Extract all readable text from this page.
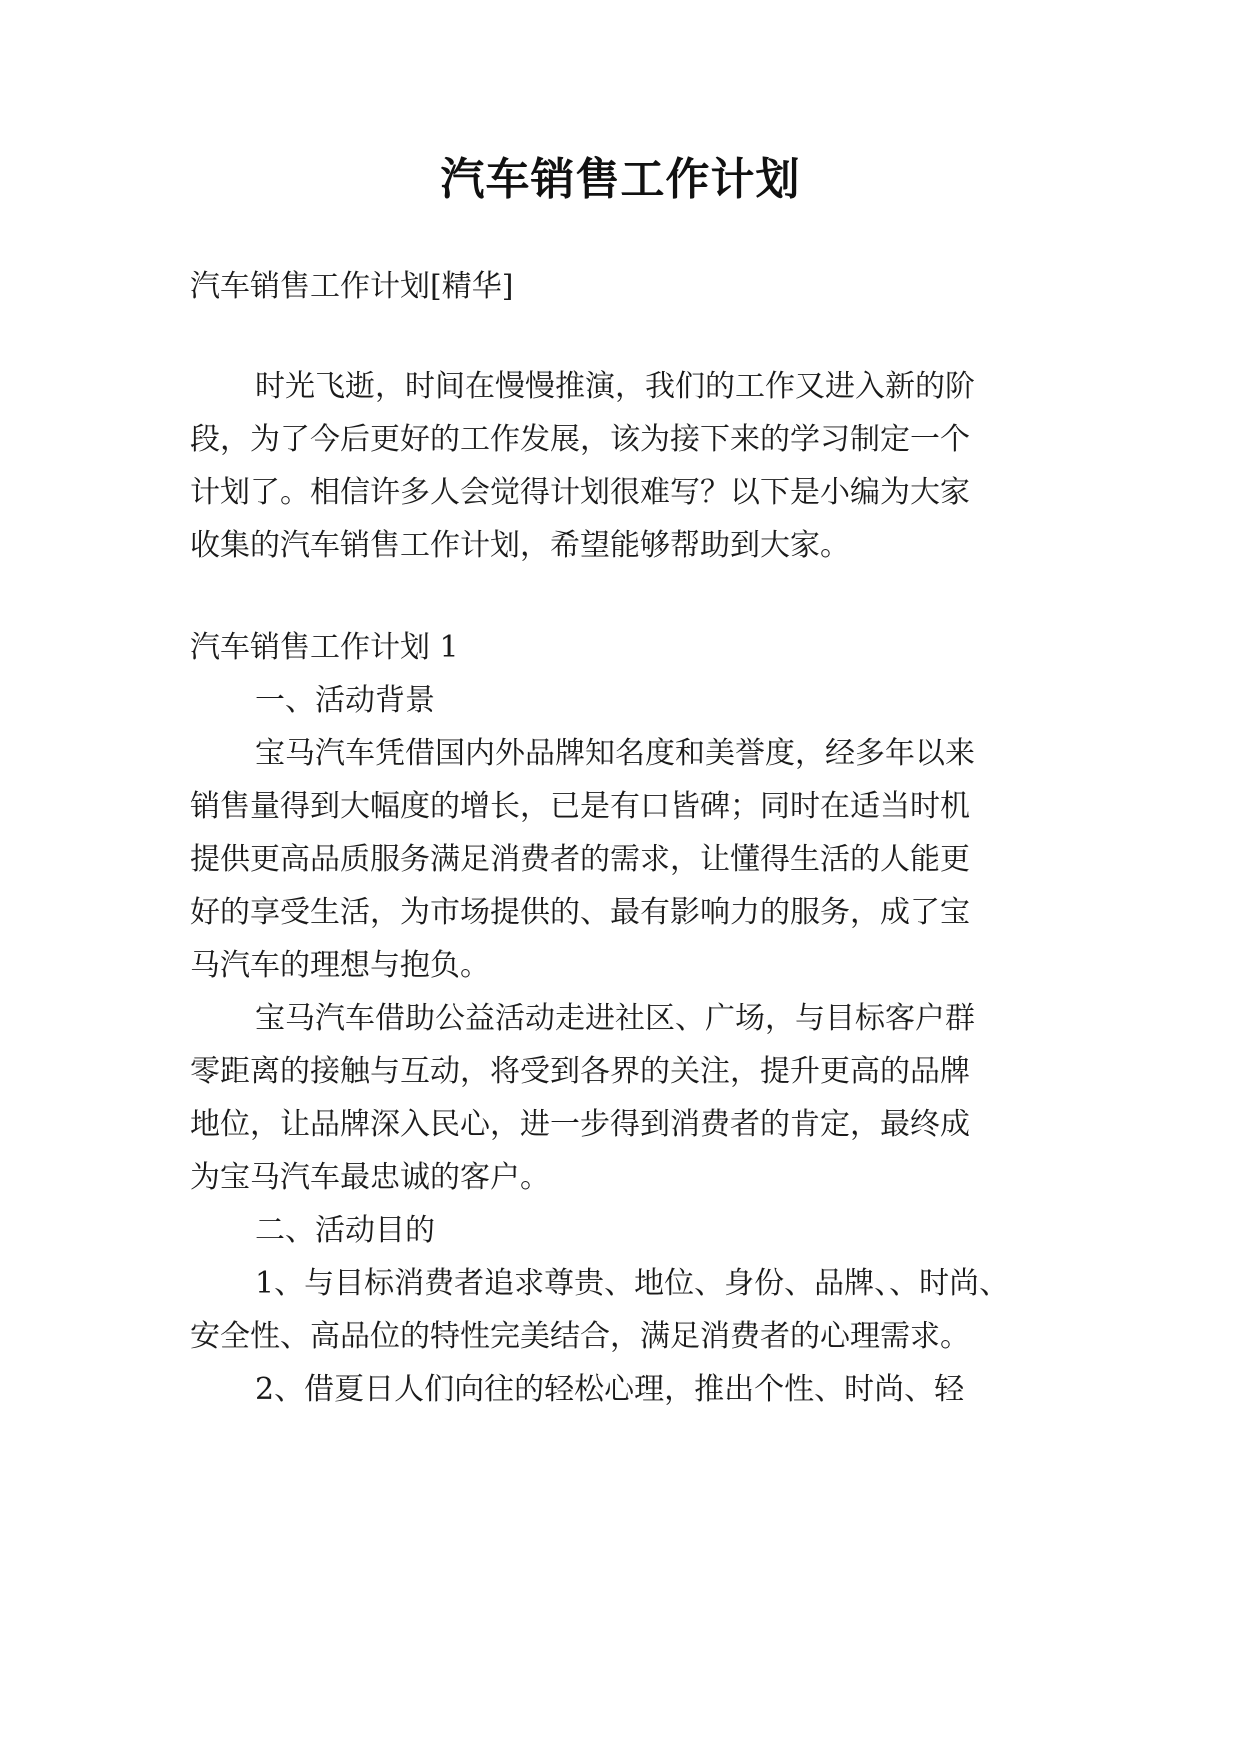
汽车销售工作计划
汽车销售工作计划[精华]
时光飞逝，时间在慢慢推演，我们的工作又进入新的阶
段，为了今后更好的工作发展，该为接下来的学习制定一个
计划了。相信许多人会觉得计划很难写？以下是小编为大家
收集的汽车销售工作计划，希望能够帮助到大家。
汽车销售工作计划 1
一、活动背景
宝马汽车凭借国内外品牌知名度和美誉度，经多年以来
销售量得到大幅度的增长，已是有口皆碑；同时在适当时机
提供更高品质服务满足消费者的需求，让懂得生活的人能更
好的享受生活，为市场提供的、最有影响力的服务，成了宝
马汽车的理想与抱负。
宝马汽车借助公益活动走进社区、广场，与目标客户群
零距离的接触与互动，将受到各界的关注，提升更高的品牌
地位，让品牌深入民心，进一步得到消费者的肯定，最终成
为宝马汽车最忠诚的客户。
二、活动目的
1、与目标消费者追求尊贵、地位、身份、品牌、、时尚、
安全性、高品位的特性完美结合，满足消费者的心理需求。
2、借夏日人们向往的轻松心理，推出个性、时尚、轻
